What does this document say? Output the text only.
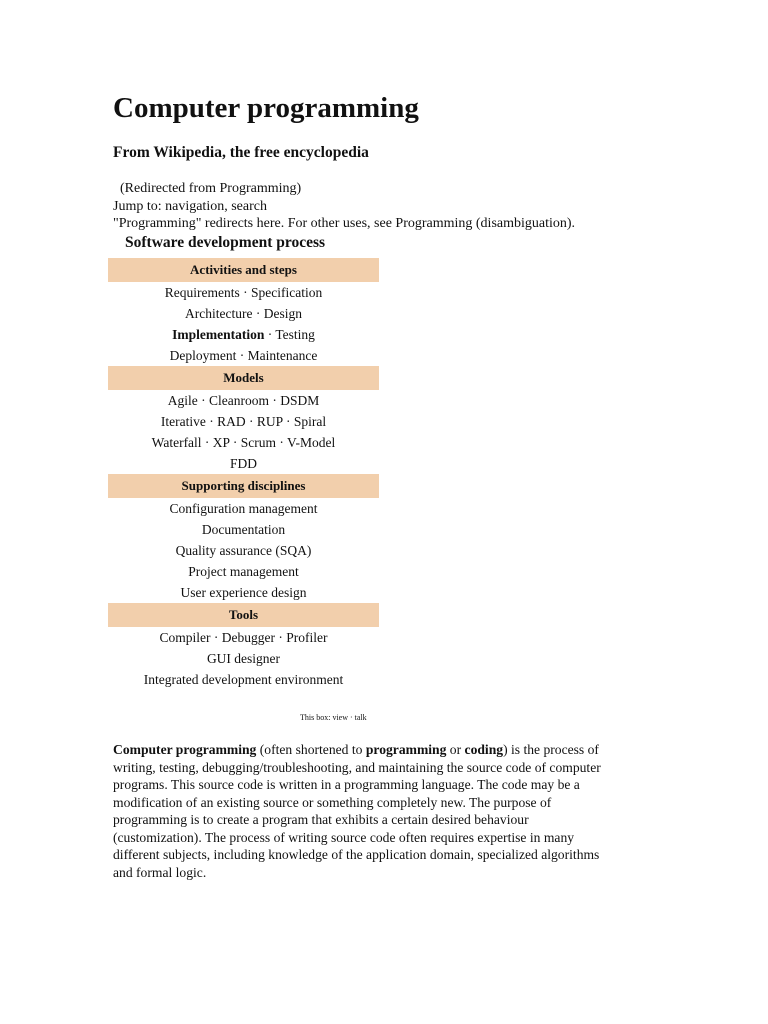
Computer programming
From Wikipedia, the free encyclopedia
(Redirected from Programming)
Jump to: navigation, search
"Programming" redirects here. For other uses, see Programming (disambiguation).
Software development process
Activities and steps
Requirements · Specification
Architecture · Design
Implementation · Testing
Deployment · Maintenance
Models
Agile · Cleanroom · DSDM
Iterative · RAD · RUP · Spiral
Waterfall · XP · Scrum · V-Model
FDD
Supporting disciplines
Configuration management
Documentation
Quality assurance (SQA)
Project management
User experience design
Tools
Compiler · Debugger · Profiler
GUI designer
Integrated development environment
This box: view · talk
Computer programming (often shortened to programming or coding) is the process of
writing, testing, debugging/troubleshooting, and maintaining the source code of computer
programs. This source code is written in a programming language. The code may be a
modification of an existing source or something completely new. The purpose of
programming is to create a program that exhibits a certain desired behaviour
(customization). The process of writing source code often requires expertise in many
different subjects, including knowledge of the application domain, specialized algorithms
and formal logic.
